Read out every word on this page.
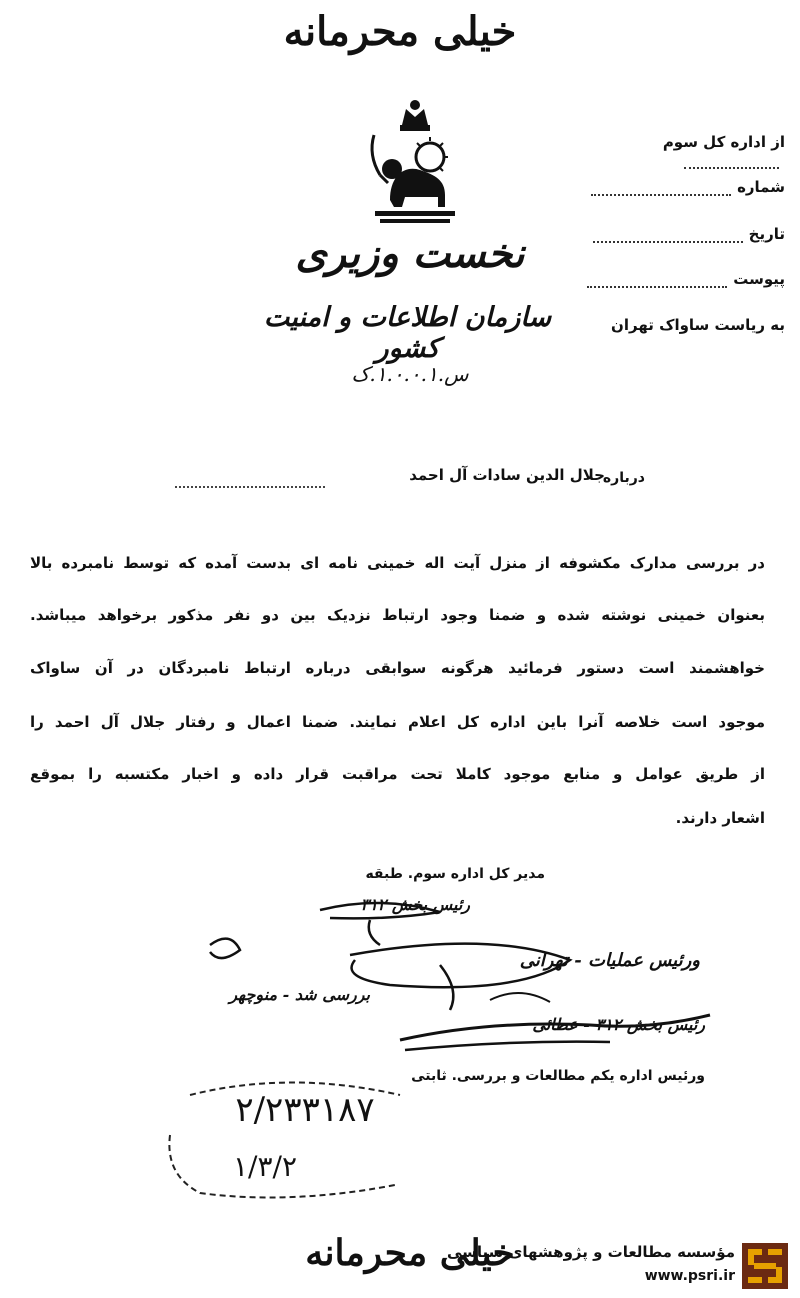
خیلی محرمانه
نخست وزیری
سازمان اطلاعات و امنیت کشور
س.۱.۰.۰.۱.ک
از اداره کل سوم
شماره
تاریخ
پیوست
به ریاست ساواک تهران
درباره
جلال الدین سادات آل احمد
در بررسی مدارک مکشوفه از منزل آیت اله خمینی نامه ای بدست آمده که توسط نامبرده بالا
بعنوان خمینی نوشته شده و ضمنا وجود ارتباط نزدیک بین دو نفر مذکور برخواهد میباشد.
خواهشمند است دستور فرمائید هرگونه سوابقی درباره ارتباط نامبردگان در آن ساواک
موجود است خلاصه آنرا باین اداره کل اعلام نمایند. ضمنا اعمال و رفتار جلال آل احمد را
از طریق عوامل و منابع موجود کاملا تحت مراقبت قرار داده و اخبار مکتسبه را بموقع
اشعار دارند.
مدیر کل اداره سوم. طبقه
رئیس بخش ۳۱۲
ورئیس عملیات - تهرانی
بررسی شد - منوچهر
رئیس بخش ۳۱۲ - عطائی
ورئیس اداره یکم مطالعات و بررسی. ثابتی
۲/۲۳۳۱۸۷
۱/۳/۲
خیلی محرمانه
مؤسسه مطالعات و پژوهشهای سیاسی
www.psri.ir
